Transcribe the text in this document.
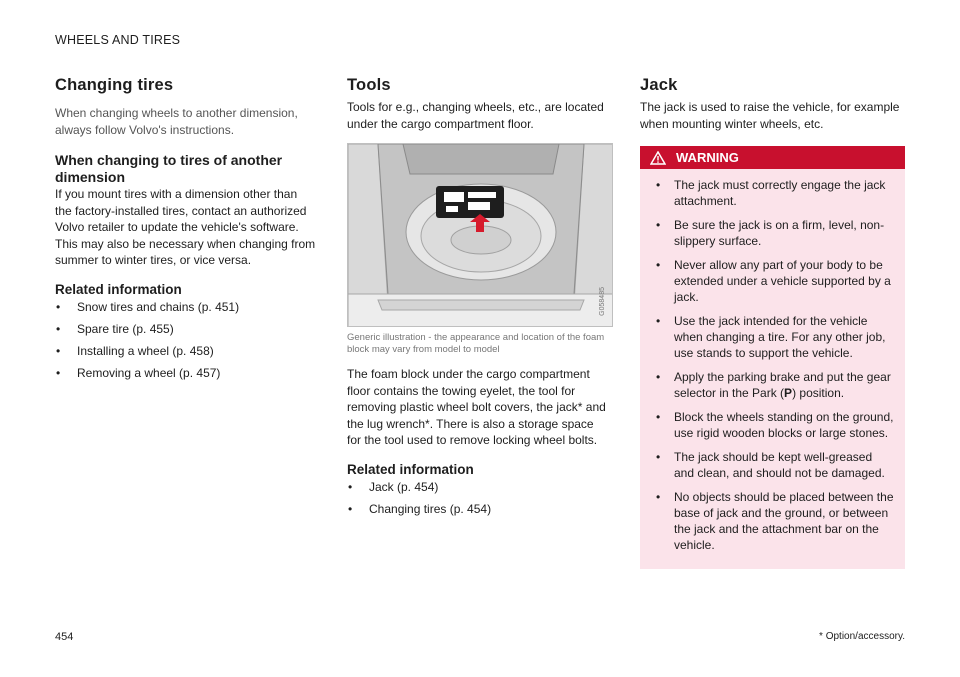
WHEELS AND TIRES
Changing tires

When changing wheels to another dimension, always follow Volvo's instructions.

When changing to tires of another dimension

If you mount tires with a dimension other than the factory-installed tires, contact an authorized Volvo retailer to update the vehicle's software. This may also be necessary when changing from summer to winter tires, or vice versa.

Related information
• Snow tires and chains (p. 451)
• Spare tire (p. 455)
• Installing a wheel (p. 458)
• Removing a wheel (p. 457)
Tools

Tools for e.g., changing wheels, etc., are located under the cargo compartment floor.

G058485
Generic illustration - the appearance and location of the foam block may vary from model to model

The foam block under the cargo compartment floor contains the towing eyelet, the tool for removing plastic wheel bolt covers, the jack* and the lug wrench*. There is also a storage space for the tool used to remove locking wheel bolts.

Related information
• Jack (p. 454)
• Changing tires (p. 454)
Jack

The jack is used to raise the vehicle, for example when mounting winter wheels, etc.

WARNING
• The jack must correctly engage the jack attachment.
• Be sure the jack is on a firm, level, non-slippery surface.
• Never allow any part of your body to be extended under a vehicle supported by a jack.
• Use the jack intended for the vehicle when changing a tire. For any other job, use stands to support the vehicle.
• Apply the parking brake and put the gear selector in the Park (P) position.
• Block the wheels standing on the ground, use rigid wooden blocks or large stones.
• The jack should be kept well-greased and clean, and should not be damaged.
• No objects should be placed between the base of jack and the ground, or between the jack and the attachment bar on the vehicle.
454	* Option/accessory.
